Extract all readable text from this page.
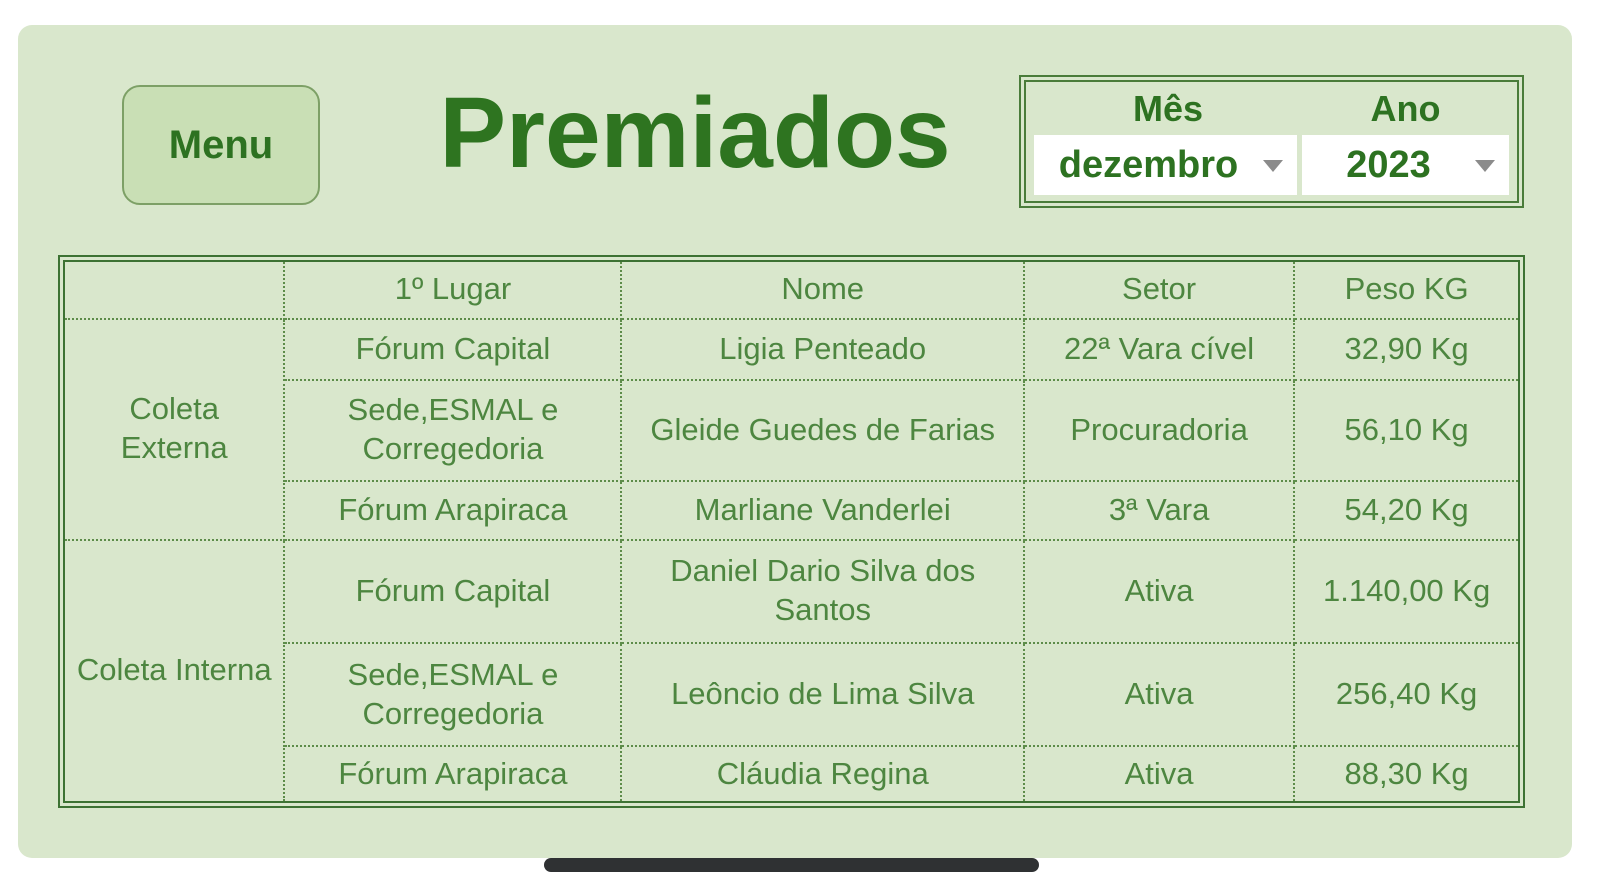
Menu	Premiados	Mês	Ano
dezembro	2023
	1º Lugar	Nome	Setor	Peso KG
Coleta Externa	Fórum Capital	Ligia Penteado	22ª Vara cível	32,90 Kg
	Sede,ESMAL e Corregedoria	Gleide Guedes de Farias	Procuradoria	56,10 Kg
	Fórum Arapiraca	Marliane Vanderlei	3ª Vara	54,20 Kg
Coleta Interna	Fórum Capital	Daniel Dario Silva dos Santos	Ativa	1.140,00 Kg
	Sede,ESMAL e Corregedoria	Leôncio de Lima Silva	Ativa	256,40 Kg
	Fórum Arapiraca	Cláudia Regina	Ativa	88,30 Kg
